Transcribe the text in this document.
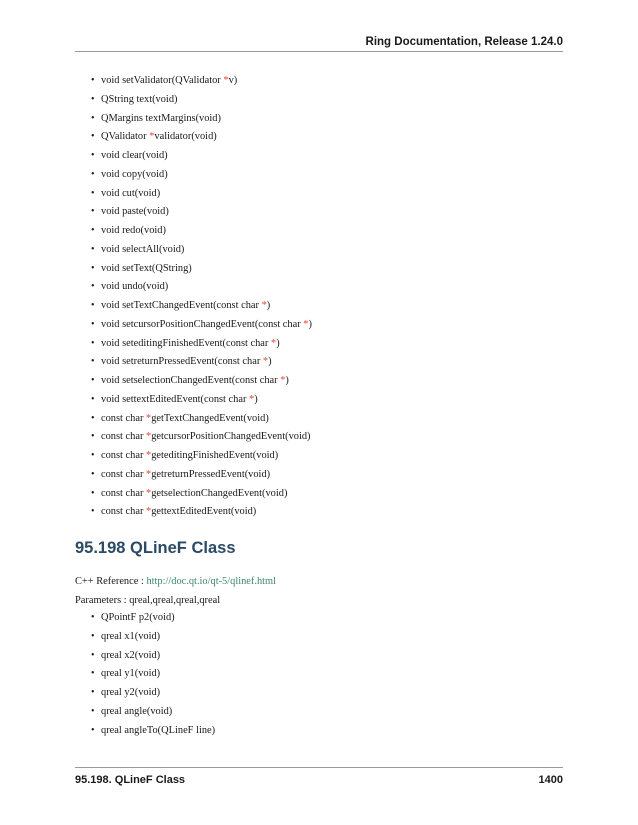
Ring Documentation, Release 1.24.0
• void setValidator(QValidator *v)
• QString text(void)
• QMargins textMargins(void)
• QValidator *validator(void)
• void clear(void)
• void copy(void)
• void cut(void)
• void paste(void)
• void redo(void)
• void selectAll(void)
• void setText(QString)
• void undo(void)
• void setTextChangedEvent(const char *)
• void setcursorPositionChangedEvent(const char *)
• void seteditingFinishedEvent(const char *)
• void setreturnPressedEvent(const char *)
• void setselectionChangedEvent(const char *)
• void settextEditedEvent(const char *)
• const char *getTextChangedEvent(void)
• const char *getcursorPositionChangedEvent(void)
• const char *geteditingFinishedEvent(void)
• const char *getreturnPressedEvent(void)
• const char *getselectionChangedEvent(void)
• const char *gettextEditedEvent(void)
95.198 QLineF Class
C++ Reference : http://doc.qt.io/qt-5/qlinef.html
Parameters : qreal,qreal,qreal,qreal
• QPointF p2(void)
• qreal x1(void)
• qreal x2(void)
• qreal y1(void)
• qreal y2(void)
• qreal angle(void)
• qreal angleTo(QLineF line)
95.198. QLineF Class	1400
